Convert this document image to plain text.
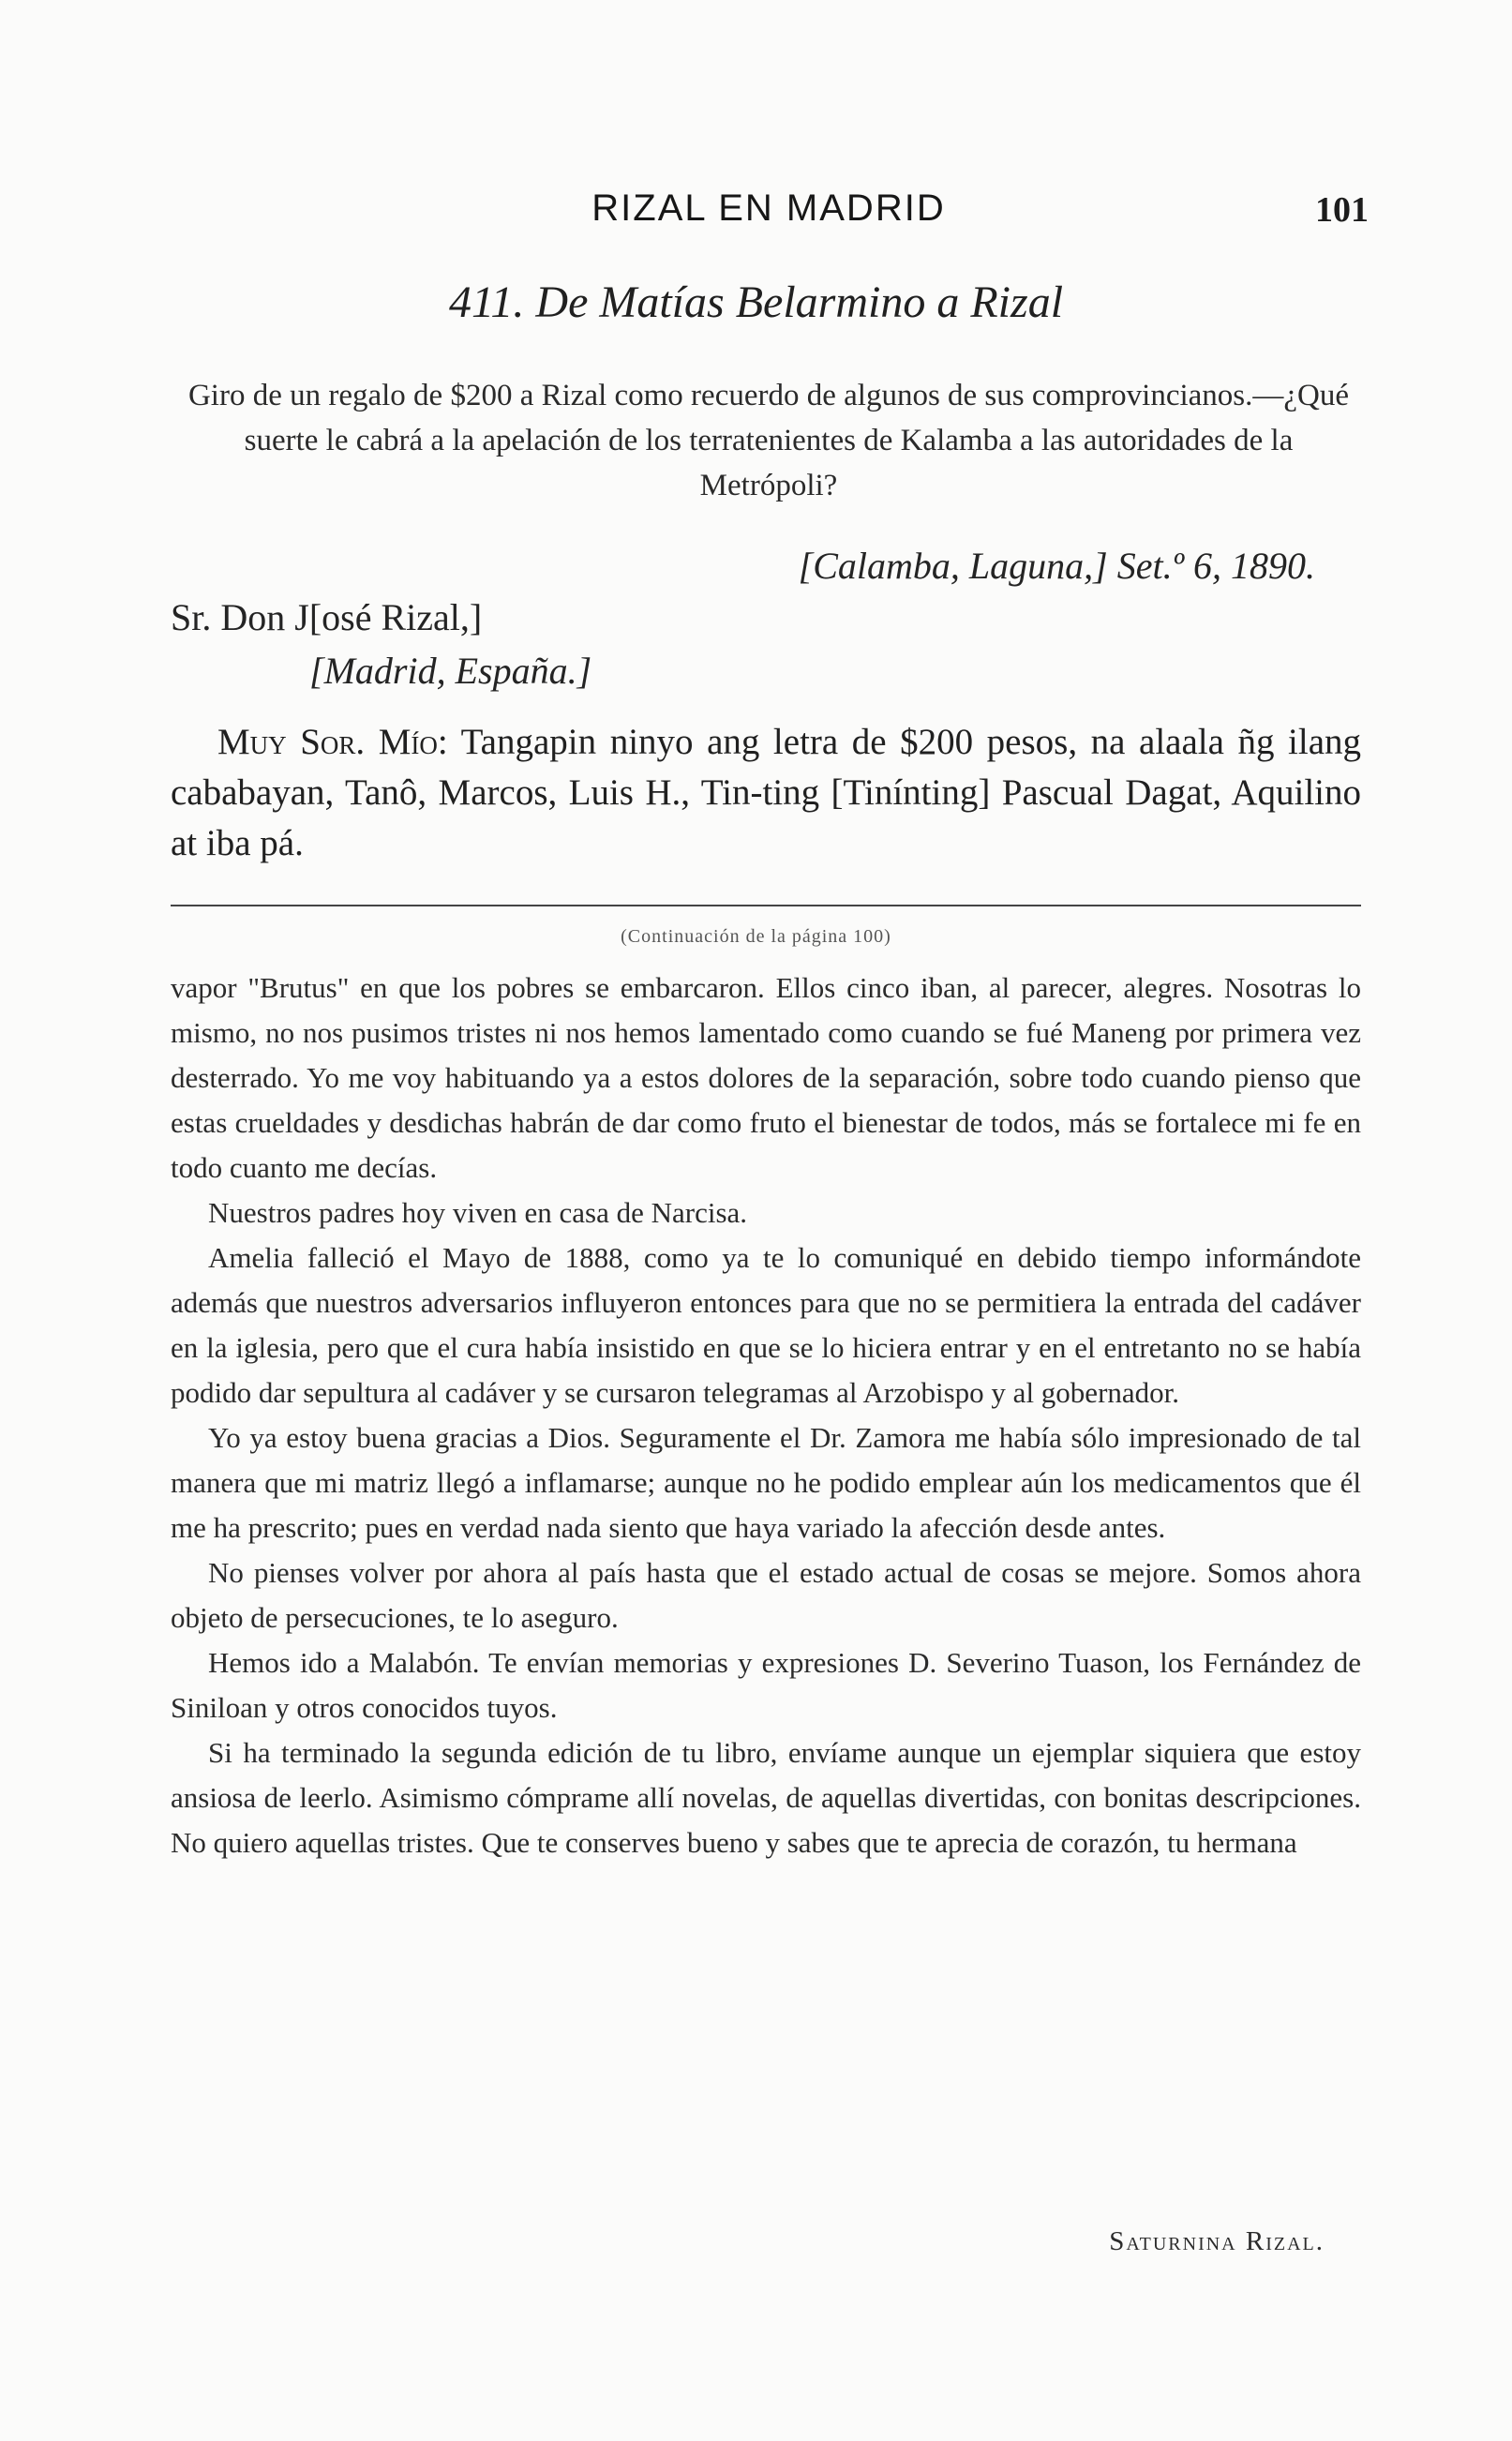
RIZAL EN MADRID	101
411. De Matías Belarmino a Rizal
Giro de un regalo de $200 a Rizal como recuerdo de algunos de sus comprovincianos.—¿Qué suerte le cabrá a la apelación de los terratenientes de Kalamba a las autoridades de la Metrópoli?
[Calamba, Laguna,] Set.º 6, 1890.
Sr. Don J[osé Rizal,]
[Madrid, España.]
Muy Sor. Mío: Tangapin ninyo ang letra de $200 pesos, na alaala ñg ilang cababayan, Tanô, Marcos, Luis H., Tin-ting [Tinínting] Pascual Dagat, Aquilino at iba pá.
(Continuación de la página 100)

vapor "Brutus" en que los pobres se embarcaron. Ellos cinco iban, al parecer, alegres. Nosotras lo mismo, no nos pusimos tristes ni nos hemos lamentado como cuando se fué Maneng por primera vez desterrado. Yo me voy habituando ya a estos dolores de la separación, sobre todo cuando pienso que estas crueldades y desdichas habrán de dar como fruto el bienestar de todos, más se fortalece mi fe en todo cuanto me decías.

Nuestros padres hoy viven en casa de Narcisa.

Amelia falleció el Mayo de 1888, como ya te lo comuniqué en debido tiempo informándote además que nuestros adversarios influyeron entonces para que no se permitiera la entrada del cadáver en la iglesia, pero que el cura había insistido en que se lo hiciera entrar y en el entretanto no se había podido dar sepultura al cadáver y se cursaron telegramas al Arzobispo y al gobernador.

Yo ya estoy buena gracias a Dios. Seguramente el Dr. Zamora me había sólo impresionado de tal manera que mi matriz llegó a inflamarse; aunque no he podido emplear aún los medicamentos que él me ha prescrito; pues en verdad nada siento que haya variado la afección desde antes.

No pienses volver por ahora al país hasta que el estado actual de cosas se mejore. Somos ahora objeto de persecuciones, te lo aseguro.

Hemos ido a Malabón. Te envían memorias y expresiones D. Severino Tuason, los Fernández de Siniloan y otros conocidos tuyos.

Si ha terminado la segunda edición de tu libro, envíame aunque un ejemplar siquiera que estoy ansiosa de leerlo. Asimismo cómprame allí novelas, de aquellas divertidas, con bonitas descripciones. No quiero aquellas tristes. Que te conserves bueno y sabes que te aprecia de corazón, tu hermana

Saturnina Rizal.
